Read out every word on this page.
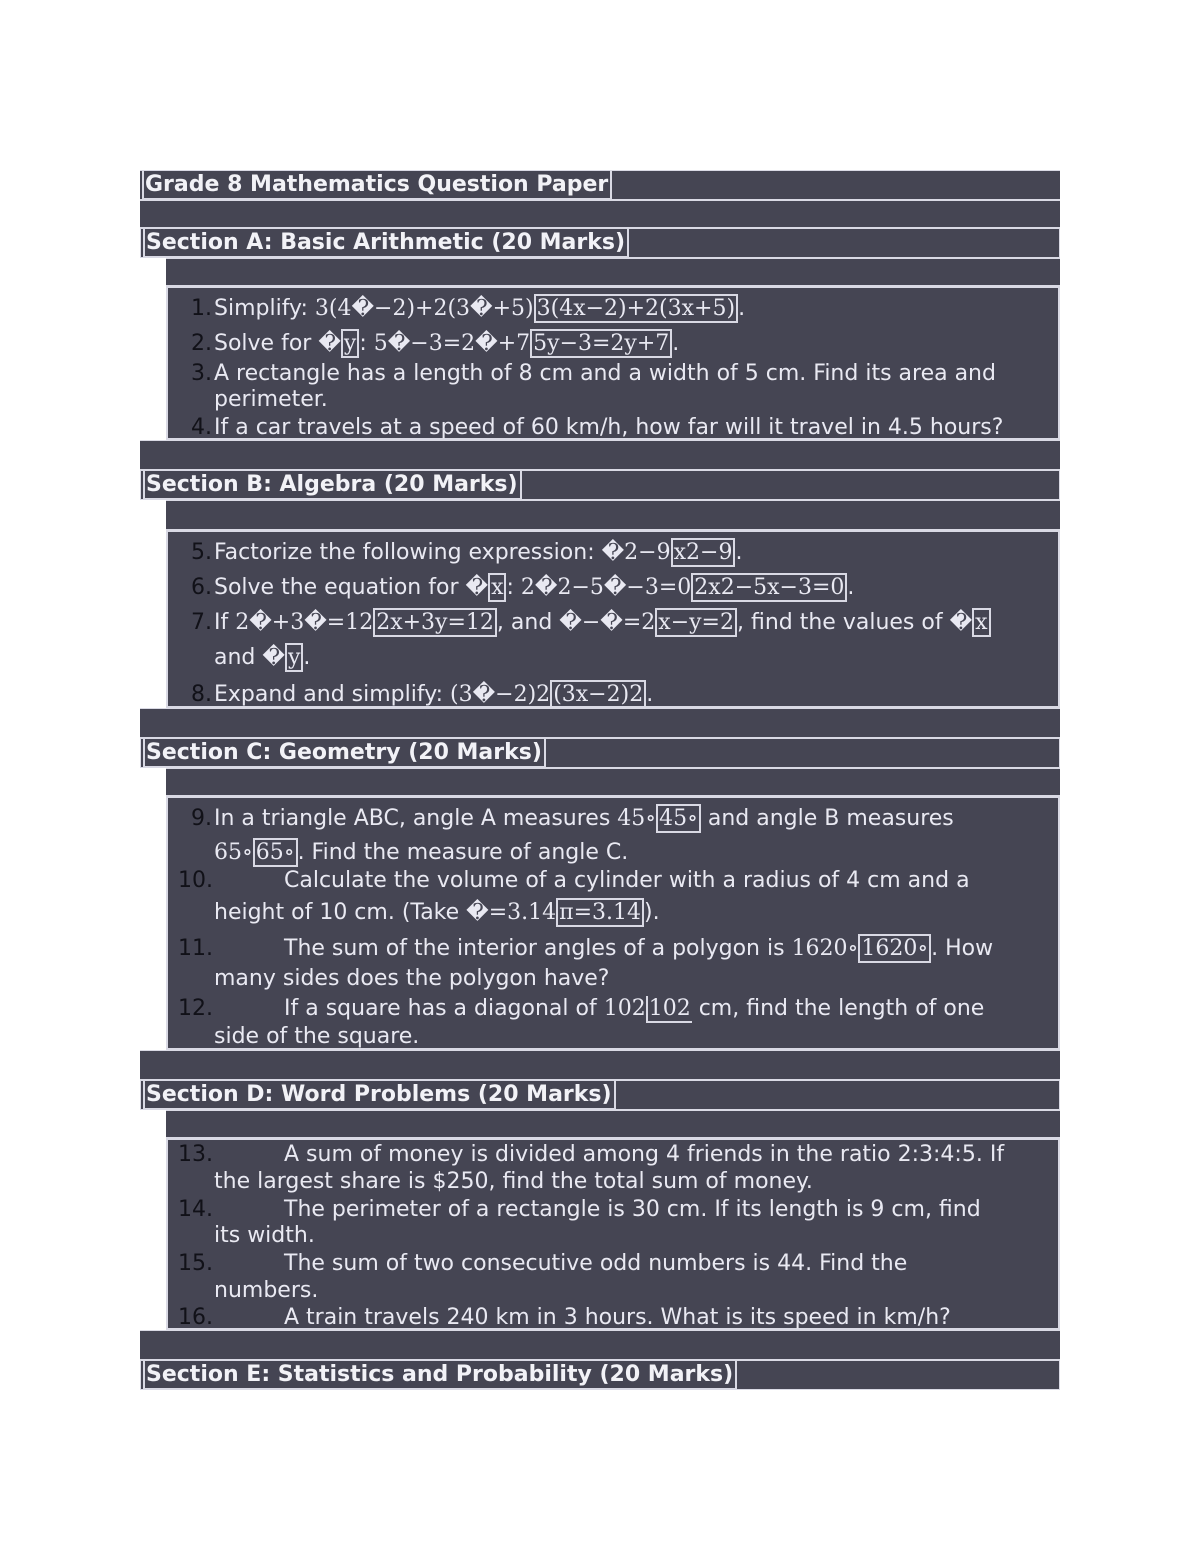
Grade 8 Mathematics Question Paper
Section A: Basic Arithmetic (20 Marks)
1. Simplify: 3(4�−2)+2(3�+5) 3(4x−2)+2(3x+5) .
2. Solve for � y : 5�−3=2�+7 5y−3=2y+7 .
3. A rectangle has a length of 8 cm and a width of 5 cm. Find its area and
perimeter.
4. If a car travels at a speed of 60 km/h, how far will it travel in 4.5 hours?
Section B: Algebra (20 Marks)
5. Factorize the following expression: �2−9 x2−9 .
6. Solve the equation for � x : 2�2−5�−3=0 2x2−5x−3=0 .
7. If 2�+3�=12 2x+3y=12 , and �−�=2 x−y=2 , find the values of � x
and � y .
8. Expand and simplify: (3�−2)2 (3x−2)2 .
Section C: Geometry (20 Marks)
9. In a triangle ABC, angle A measures 45∘ 45∘ and angle B measures
65∘ 65∘ . Find the measure of angle C.
10.	Calculate the volume of a cylinder with a radius of 4 cm and a
height of 10 cm. (Take �=3.14 π=3.14 ).
11.	The sum of the interior angles of a polygon is 1620∘ 1620∘ . How
many sides does the polygon have?
12.	If a square has a diagonal of 102 102 cm, find the length of one
side of the square.
Section D: Word Problems (20 Marks)
13.	A sum of money is divided among 4 friends in the ratio 2:3:4:5. If
the largest share is $250, find the total sum of money.
14.	The perimeter of a rectangle is 30 cm. If its length is 9 cm, find
its width.
15.	The sum of two consecutive odd numbers is 44. Find the
numbers.
16.	A train travels 240 km in 3 hours. What is its speed in km/h?
Section E: Statistics and Probability (20 Marks)
